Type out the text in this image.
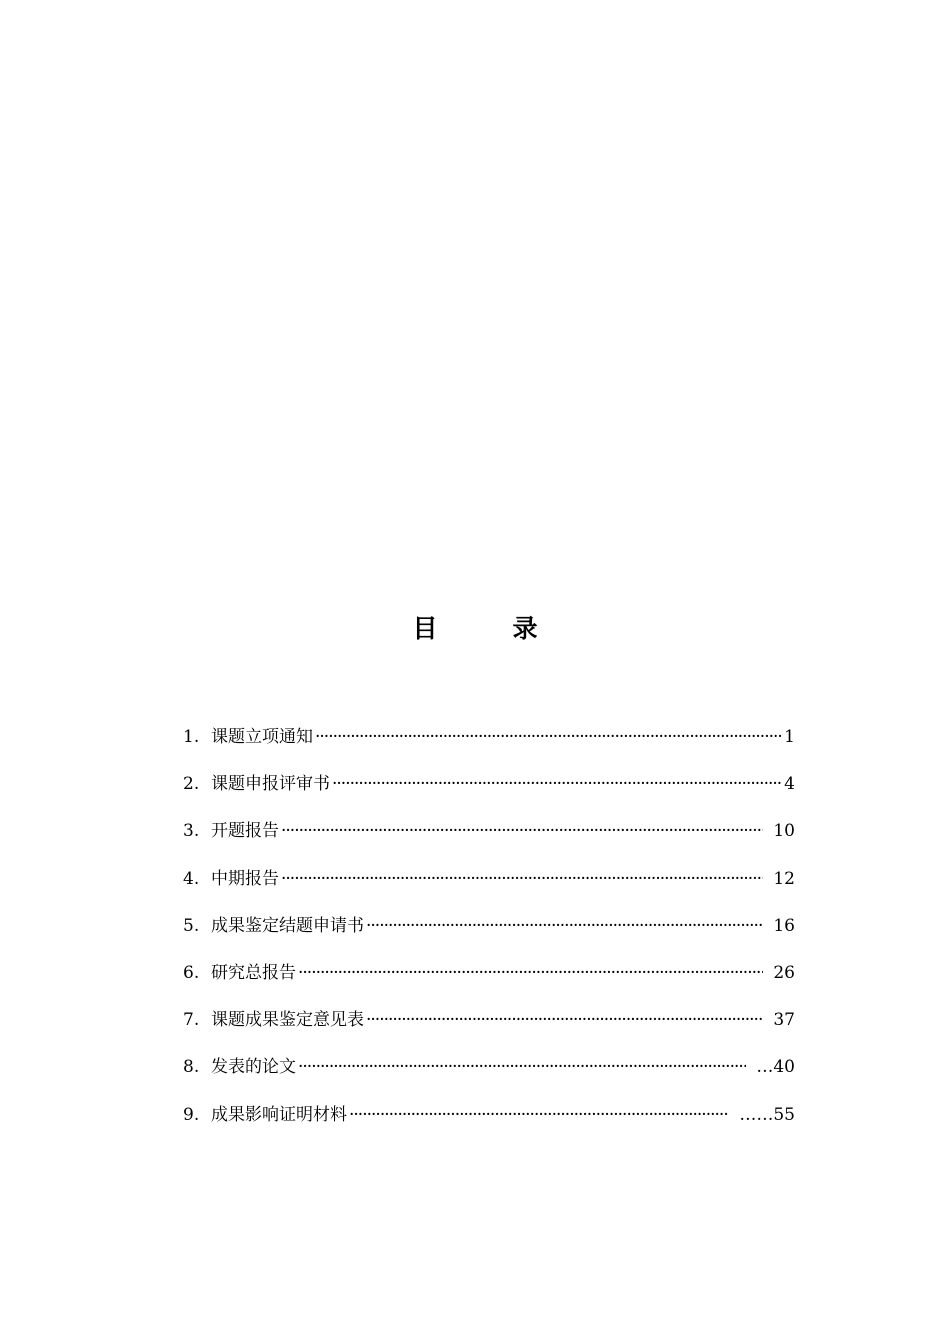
目　　　录
1. 课题立项通知 ·····	1
2. 课题申报评审书 ·····	4
3. 开题报告 ·····	10
4. 中期报告 ·····	12
5. 成果鉴定结题申请书 ·····	16
6. 研究总报告 ·····	26
7. 课题成果鉴定意见表 ·····	37
8. 发表的论文 ·····	…40
9. 成果影响证明材料 ·····	……55
